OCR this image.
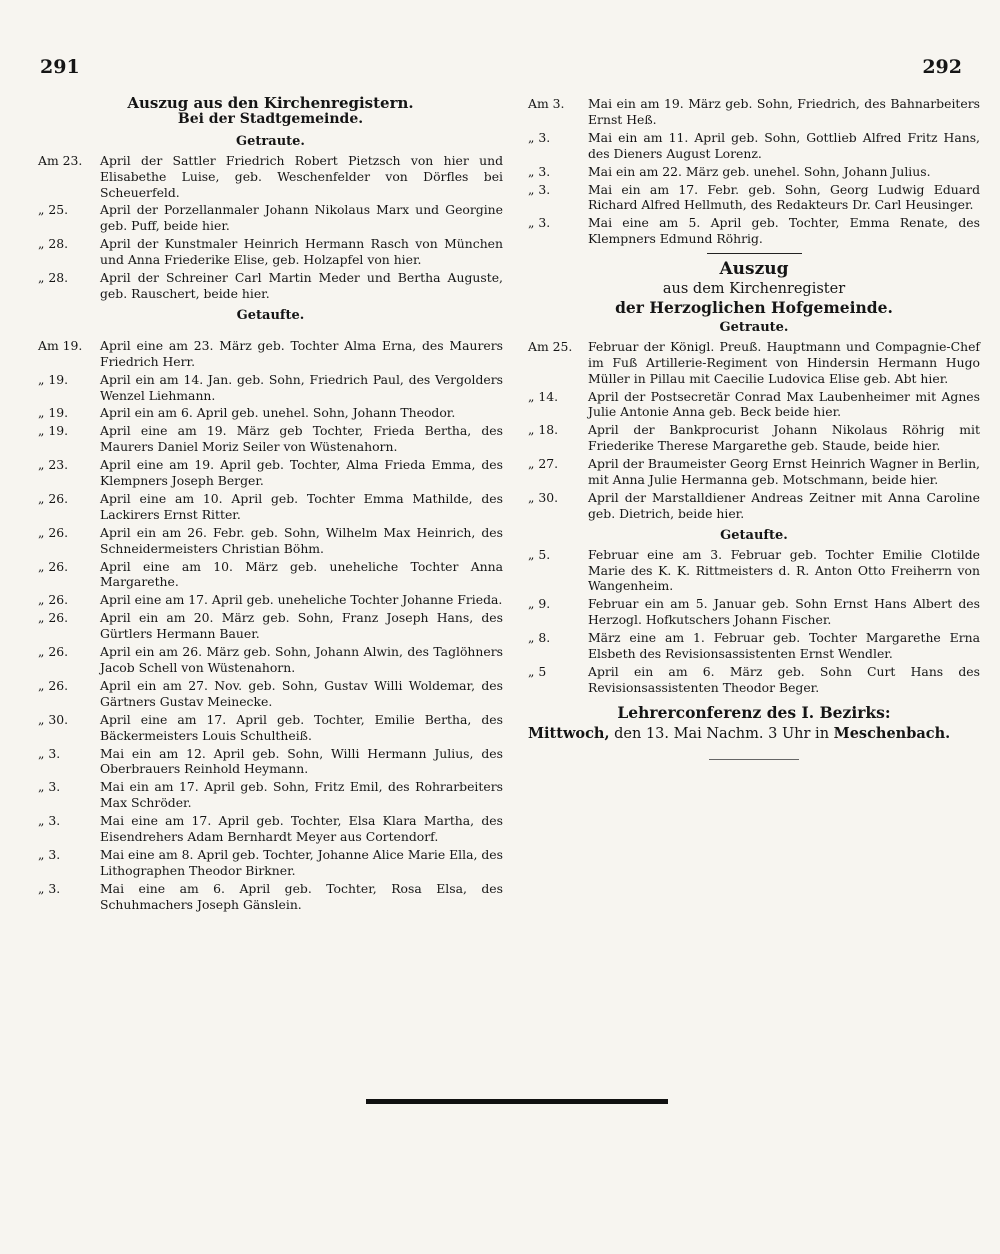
291	292
Auszug aus den Kirchenregistern.
Bei der Stadtgemeinde.
Getraute.
Am 23.	April der Sattler Friedrich Robert Pietzsch von hier und Elisabethe Luise, geb. Weschenfelder von Dörfles bei Scheuerfeld.
„ 25.	April der Porzellanmaler Johann Nikolaus Marx und Georgine geb. Puff, beide hier.
„ 28.	April der Kunstmaler Heinrich Hermann Rasch von München und Anna Friederike Elise, geb. Holzapfel von hier.
„ 28.	April der Schreiner Carl Martin Meder und Bertha Auguste, geb. Rauschert, beide hier.
Getaufte.
Am 19.	April eine am 23. März geb. Tochter Alma Erna, des Maurers Friedrich Herr.
„ 19.	April ein am 14. Jan. geb. Sohn, Friedrich Paul, des Vergolders Wenzel Liehmann.
„ 19.	April ein am 6. April geb. unehel. Sohn, Johann Theodor.
„ 19.	April eine am 19. März geb Tochter, Frieda Bertha, des Maurers Daniel Moriz Seiler von Wüstenahorn.
„ 23.	April eine am 19. April geb. Tochter, Alma Frieda Emma, des Klempners Joseph Berger.
„ 26.	April eine am 10. April geb. Tochter Emma Mathilde, des Lackirers Ernst Ritter.
„ 26.	April ein am 26. Febr. geb. Sohn, Wilhelm Max Heinrich, des Schneidermeisters Christian Böhm.
„ 26.	April eine am 10. März geb. uneheliche Tochter Anna Margarethe.
„ 26.	April eine am 17. April geb. uneheliche Tochter Johanne Frieda.
„ 26.	April ein am 20. März geb. Sohn, Franz Joseph Hans, des Gürtlers Hermann Bauer.
„ 26.	April ein am 26. März geb. Sohn, Johann Alwin, des Taglöhners Jacob Schell von Wüstenahorn.
„ 26.	April ein am 27. Nov. geb. Sohn, Gustav Willi Woldemar, des Gärtners Gustav Meinecke.
„ 30.	April eine am 17. April geb. Tochter, Emilie Bertha, des Bäckermeisters Louis Schultheiß.
„ 3.	Mai ein am 12. April geb. Sohn, Willi Hermann Julius, des Oberbrauers Reinhold Heymann.
„ 3.	Mai ein am 17. April geb. Sohn, Fritz Emil, des Rohrarbeiters Max Schröder.
„ 3.	Mai eine am 17. April geb. Tochter, Elsa Klara Martha, des Eisendrehers Adam Bernhardt Meyer aus Cortendorf.
„ 3.	Mai eine am 8. April geb. Tochter, Johanne Alice Marie Ella, des Lithographen Theodor Birkner.
„ 3.	Mai eine am 6. April geb. Tochter, Rosa Elsa, des Schuhmachers Joseph Gänslein.
Am 3.	Mai ein am 19. März geb. Sohn, Friedrich, des Bahnarbeiters Ernst Heß.
„ 3.	Mai ein am 11. April geb. Sohn, Gottlieb Alfred Fritz Hans, des Dieners August Lorenz.
„ 3.	Mai ein am 22. März geb. unehel. Sohn, Johann Julius.
„ 3.	Mai ein am 17. Febr. geb. Sohn, Georg Ludwig Eduard Richard Alfred Hellmuth, des Redakteurs Dr. Carl Heusinger.
„ 3.	Mai eine am 5. April geb. Tochter, Emma Renate, des Klempners Edmund Röhrig.
Auszug
aus dem Kirchenregister
der Herzoglichen Hofgemeinde.
Getraute.
Am 25.	Februar der Königl. Preuß. Hauptmann und Compagnie-Chef im Fuß Artillerie-Regiment von Hindersin Hermann Hugo Müller in Pillau mit Caecilie Ludovica Elise geb. Abt hier.
„ 14.	April der Postsecretär Conrad Max Laubenheimer mit Agnes Julie Antonie Anna geb. Beck beide hier.
„ 18.	April der Bankprocurist Johann Nikolaus Röhrig mit Friederike Therese Margarethe geb. Staude, beide hier.
„ 27.	April der Braumeister Georg Ernst Heinrich Wagner in Berlin, mit Anna Julie Hermanna geb. Motschmann, beide hier.
„ 30.	April der Marstalldiener Andreas Zeitner mit Anna Caroline geb. Dietrich, beide hier.
Getaufte.
„ 5.	Februar eine am 3. Februar geb. Tochter Emilie Clotilde Marie des K. K. Rittmeisters d. R. Anton Otto Freiherrn von Wangenheim.
„ 9.	Februar ein am 5. Januar geb. Sohn Ernst Hans Albert des Herzogl. Hofkutschers Johann Fischer.
„ 8.	März eine am 1. Februar geb. Tochter Margarethe Erna Elsbeth des Revisionsassistenten Ernst Wendler.
„ 5	April ein am 6. März geb. Sohn Curt Hans des Revisionsassistenten Theodor Beger.
Lehrerconferenz des I. Bezirks:
Mittwoch, den 13. Mai Nachm. 3 Uhr in Meschenbach.
